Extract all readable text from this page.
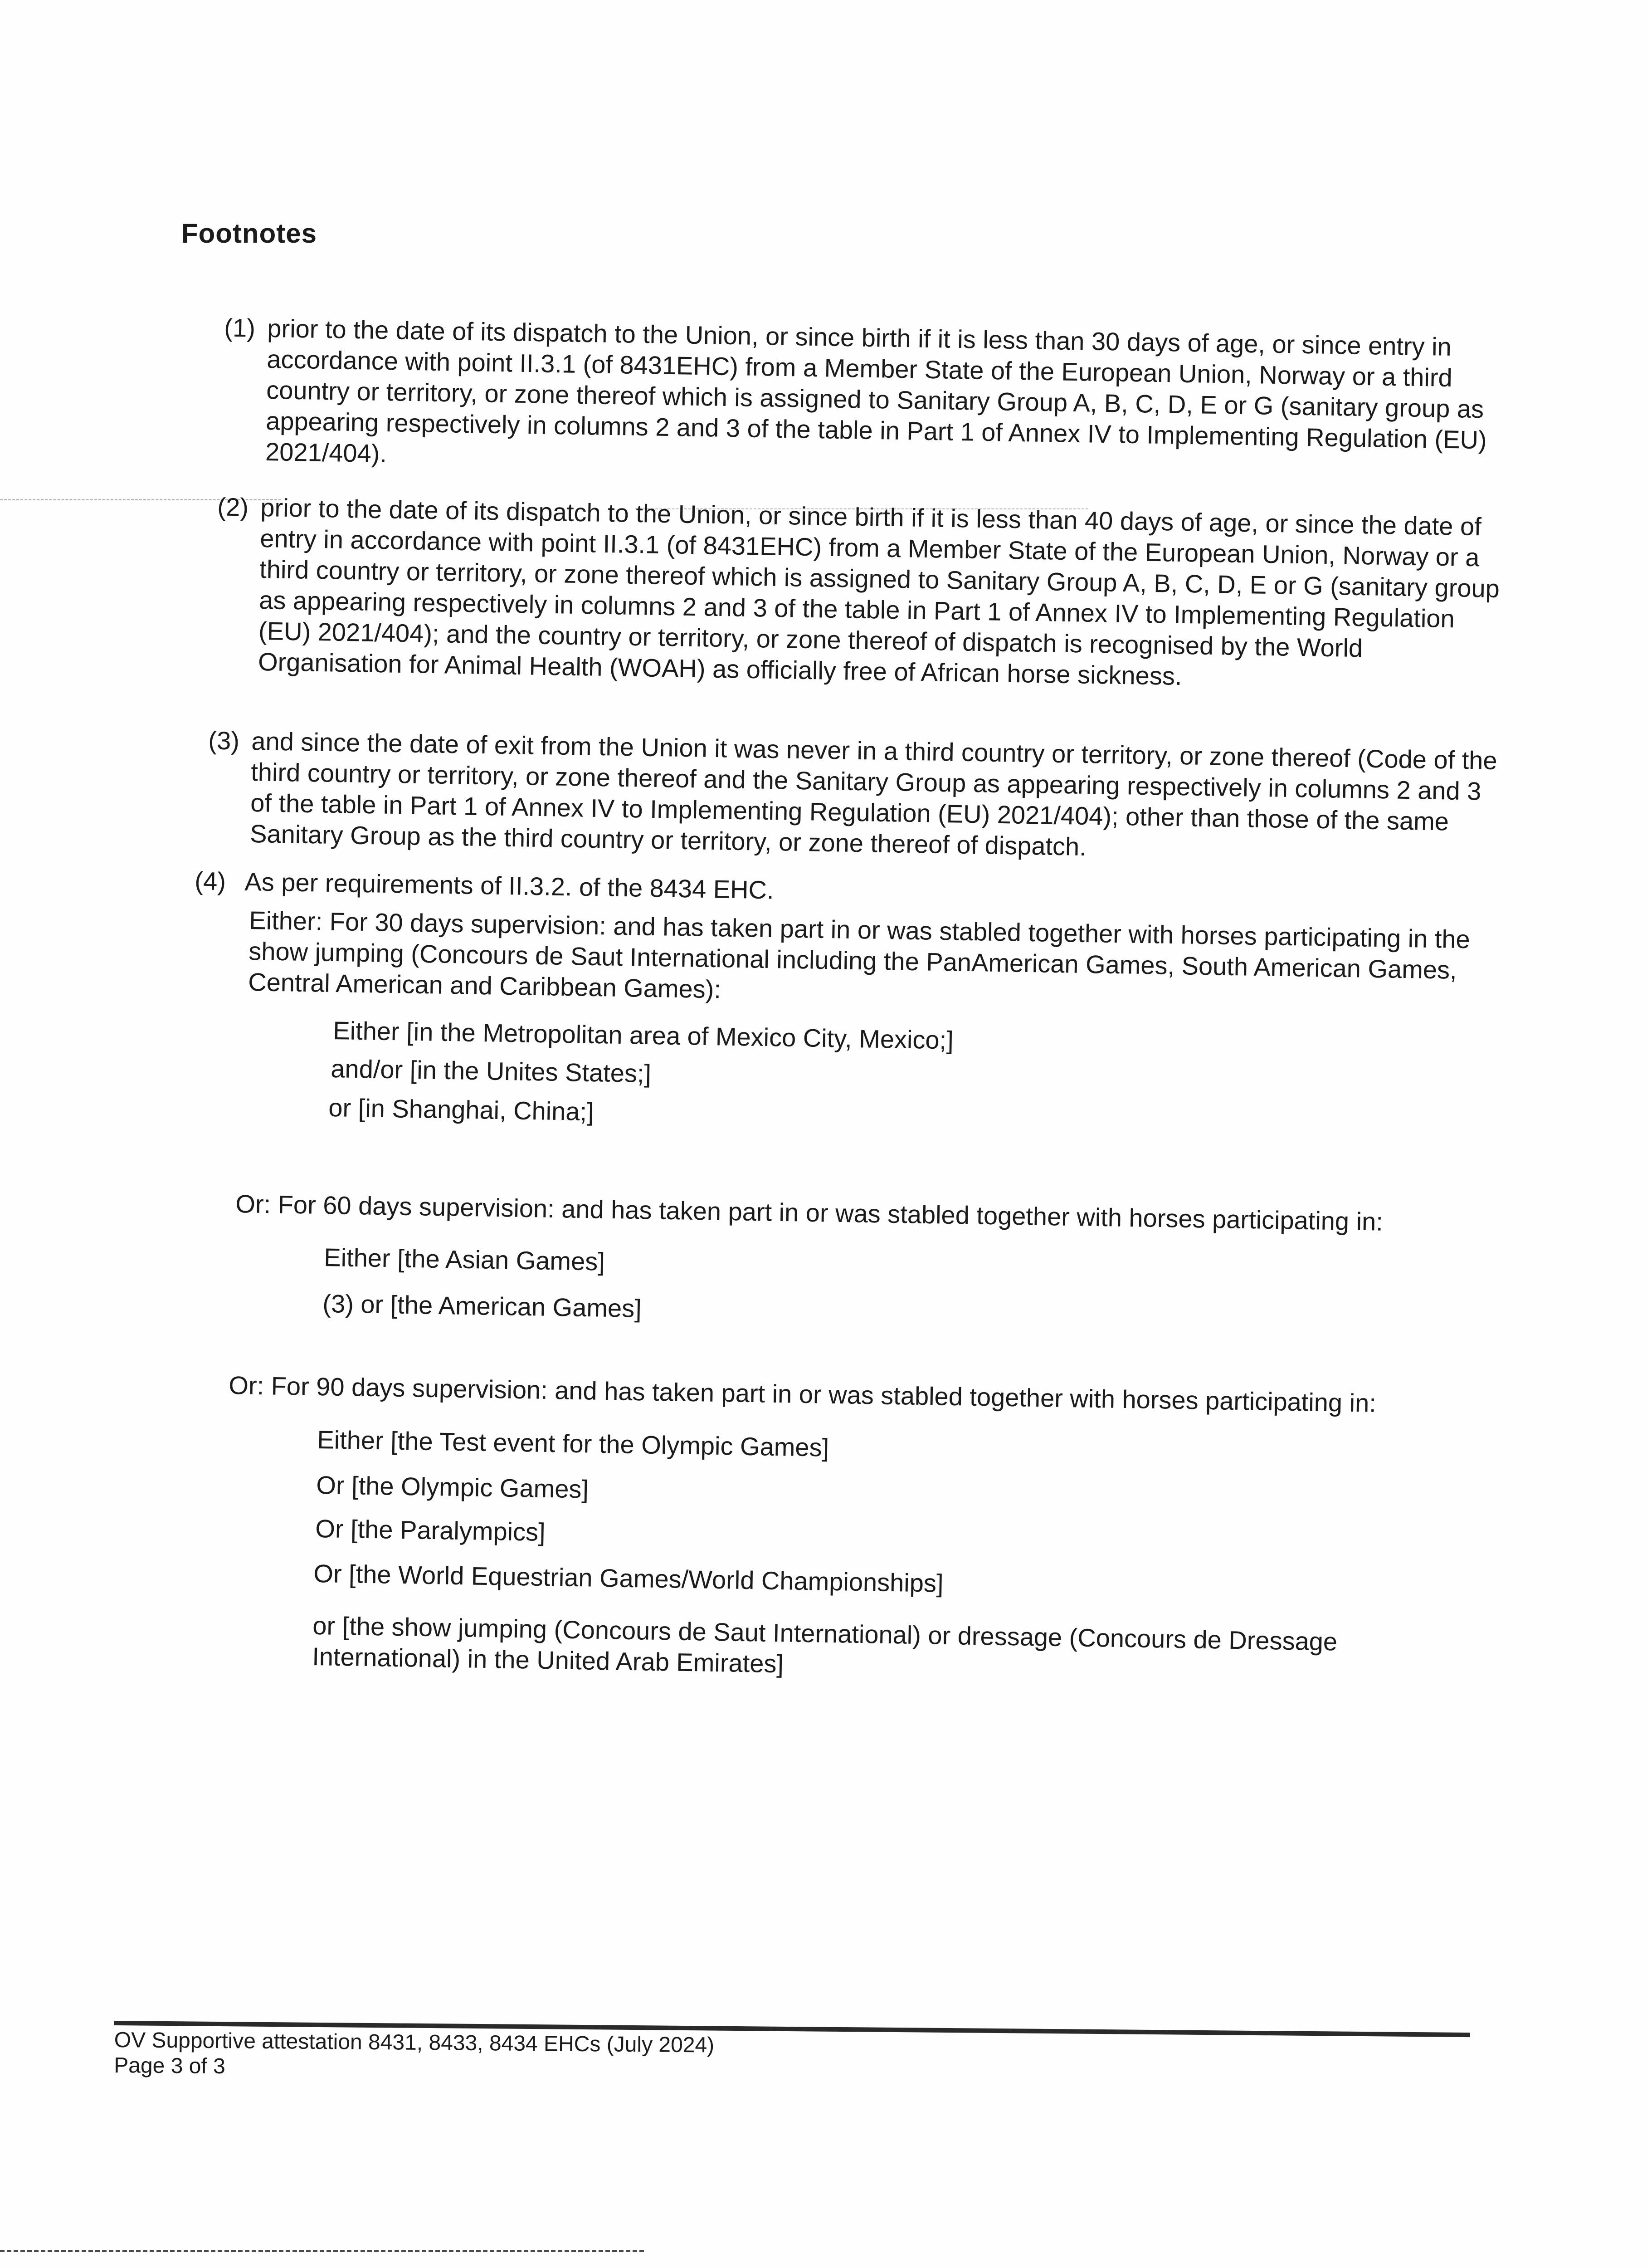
Footnotes
(1) prior to the date of its dispatch to the Union, or since birth if it is less than 30 days of age, or since entry in accordance with point II.3.1 (of 8431EHC) from a Member State of the European Union, Norway or a third country or territory, or zone thereof which is assigned to Sanitary Group A, B, C, D, E or G (sanitary group as appearing respectively in columns 2 and 3 of the table in Part 1 of Annex IV to Implementing Regulation (EU) 2021/404).
(2) prior to the date of its dispatch to the Union, or since birth if it is less than 40 days of age, or since the date of entry in accordance with point II.3.1 (of 8431EHC) from a Member State of the European Union, Norway or a third country or territory, or zone thereof which is assigned to Sanitary Group A, B, C, D, E or G (sanitary group as appearing respectively in columns 2 and 3 of the table in Part 1 of Annex IV to Implementing Regulation (EU) 2021/404); and the country or territory, or zone thereof of dispatch is recognised by the World Organisation for Animal Health (WOAH) as officially free of African horse sickness.
(3) and since the date of exit from the Union it was never in a third country or territory, or zone thereof (Code of the third country or territory, or zone thereof and the Sanitary Group as appearing respectively in columns 2 and 3 of the table in Part 1 of Annex IV to Implementing Regulation (EU) 2021/404); other than those of the same Sanitary Group as the third country or territory, or zone thereof of dispatch.
(4) As per requirements of II.3.2. of the 8434 EHC.
Either: For 30 days supervision: and has taken part in or was stabled together with horses participating in the show jumping (Concours de Saut International including the PanAmerican Games, South American Games, Central American and Caribbean Games):
Either [in the Metropolitan area of Mexico City, Mexico;]
and/or [in the Unites States;]
or [in Shanghai, China;]
Or: For 60 days supervision: and has taken part in or was stabled together with horses participating in:
Either [the Asian Games]
(3) or [the American Games]
Or: For 90 days supervision: and has taken part in or was stabled together with horses participating in:
Either [the Test event for the Olympic Games]
Or [the Olympic Games]
Or [the Paralympics]
Or [the World Equestrian Games/World Championships]
or [the show jumping (Concours de Saut International) or dressage (Concours de Dressage International) in the United Arab Emirates]
OV Supportive attestation 8431, 8433, 8434 EHCs (July 2024)
Page 3 of 3
